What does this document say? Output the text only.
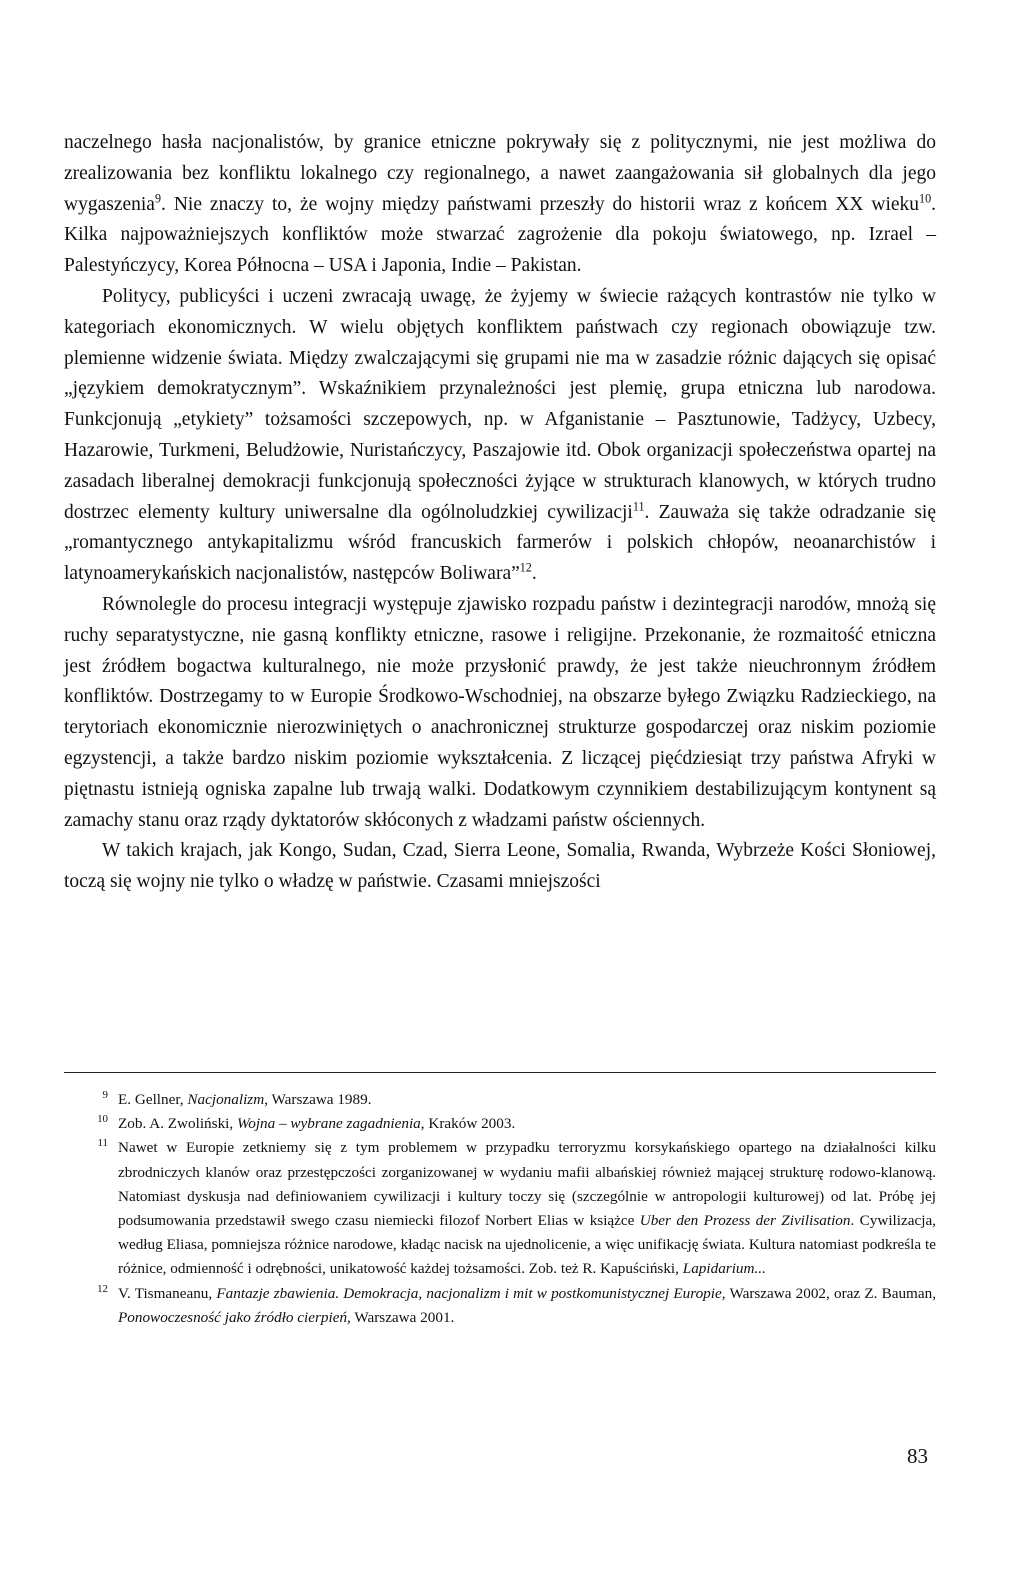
naczelnego hasła nacjonalistów, by granice etniczne pokrywały się z politycznymi, nie jest możliwa do zrealizowania bez konfliktu lokalnego czy regionalnego, a nawet zaangażowania sił globalnych dla jego wygaszenia$^9$. Nie znaczy to, że wojny między państwami przeszły do historii wraz z końcem XX wieku$^{10}$. Kilka najpoważniejszych konfliktów może stwarzać zagrożenie dla pokoju światowego, np. Izrael – Palestyńczycy, Korea Północna – USA i Japonia, Indie – Pakistan.

Politycy, publicyści i uczeni zwracają uwagę, że żyjemy w świecie rażących kontrastów nie tylko w kategoriach ekonomicznych. W wielu objętych konfliktem państwach czy regionach obowiązuje tzw. plemienne widzenie świata. Między zwalczającymi się grupami nie ma w zasadzie różnic dających się opisać „językiem demokratycznym”. Wskaźnikiem przynależności jest plemię, grupa etniczna lub narodowa. Funkcjonują „etykiety” tożsamości szczepowych, np. w Afganistanie – Pasztunowie, Tadżycy, Uzbecy, Hazarowie, Turkmeni, Beludżowie, Nuristańczycy, Paszajowie itd. Obok organizacji społeczeństwa opartej na zasadach liberalnej demokracji funkcjonują społeczności żyjące w strukturach klanowych, w których trudno dostrzec elementy kultury uniwersalne dla ogólnoludzkiej cywilizacji$^{11}$. Zauważa się także odradzanie się „romantycznego antykapitalizmu wśród francuskich farmerów i polskich chłopów, neoanarchistów i latynoamerykańskich nacjonalistów, następców Boliwara”$^{12}$.

Równolegle do procesu integracji występuje zjawisko rozpadu państw i dezintegracji narodów, mnożą się ruchy separatystyczne, nie gasną konflikty etniczne, rasowe i religijne. Przekonanie, że rozmaitość etniczna jest źródłem bogactwa kulturalnego, nie może przysłonić prawdy, że jest także nieuchronnym źródłem konfliktów. Dostrzegamy to w Europie Środkowo-Wschodniej, na obszarze byłego Związku Radzieckiego, na terytoriach ekonomicznie nierozwiniętych o anachronicznej strukturze gospodarczej oraz niskim poziomie egzystencji, a także bardzo niskim poziomie wykształcenia. Z liczącej pięćdziesiąt trzy państwa Afryki w piętnastu istnieją ogniska zapalne lub trwają walki. Dodatkowym czynnikiem destabilizującym kontynent są zamachy stanu oraz rządy dyktatorów skłóconych z władzami państw ościennych.

W takich krajach, jak Kongo, Sudan, Czad, Sierra Leone, Somalia, Rwanda, Wybrzeże Kości Słoniowej, toczą się wojny nie tylko o władzę w państwie. Czasami mniejszości

9 E. Gellner, Nacjonalizm, Warszawa 1989.

10 Zob. A. Zwoliński, Wojna – wybrane zagadnienia, Kraków 2003.

11 Nawet w Europie zetkniemy się z tym problemem w przypadku terroryzmu korsykańskiego opartego na działalności kilku zbrodniczych klanów oraz przestępczości zorganizowanej w wydaniu mafii albańskiej również mającej strukturę rodowo-klanową. Natomiast dyskusja nad definiowaniem cywilizacji i kultury toczy się (szczególnie w antropologii kulturowej) od lat. Próbę jej podsumowania przedstawił swego czasu niemiecki filozof Norbert Elias w książce Uber den Prozess der Zivilisation. Cywilizacja, według Eliasa, pomniejsza różnice narodowe, kładąc nacisk na ujednolicenie, a więc unifikację świata. Kultura natomiast podkreśla te różnice, odmienność i odrębności, unikatowość każdej tożsamości. Zob. też R. Kapuściński, Lapidarium...

12 V. Tismaneanu, Fantazje zbawienia. Demokracja, nacjonalizm i mit w postkomunistycznej Europie, Warszawa 2002, oraz Z. Bauman, Ponowoczesność jako źródło cierpień, Warszawa 2001.

83
